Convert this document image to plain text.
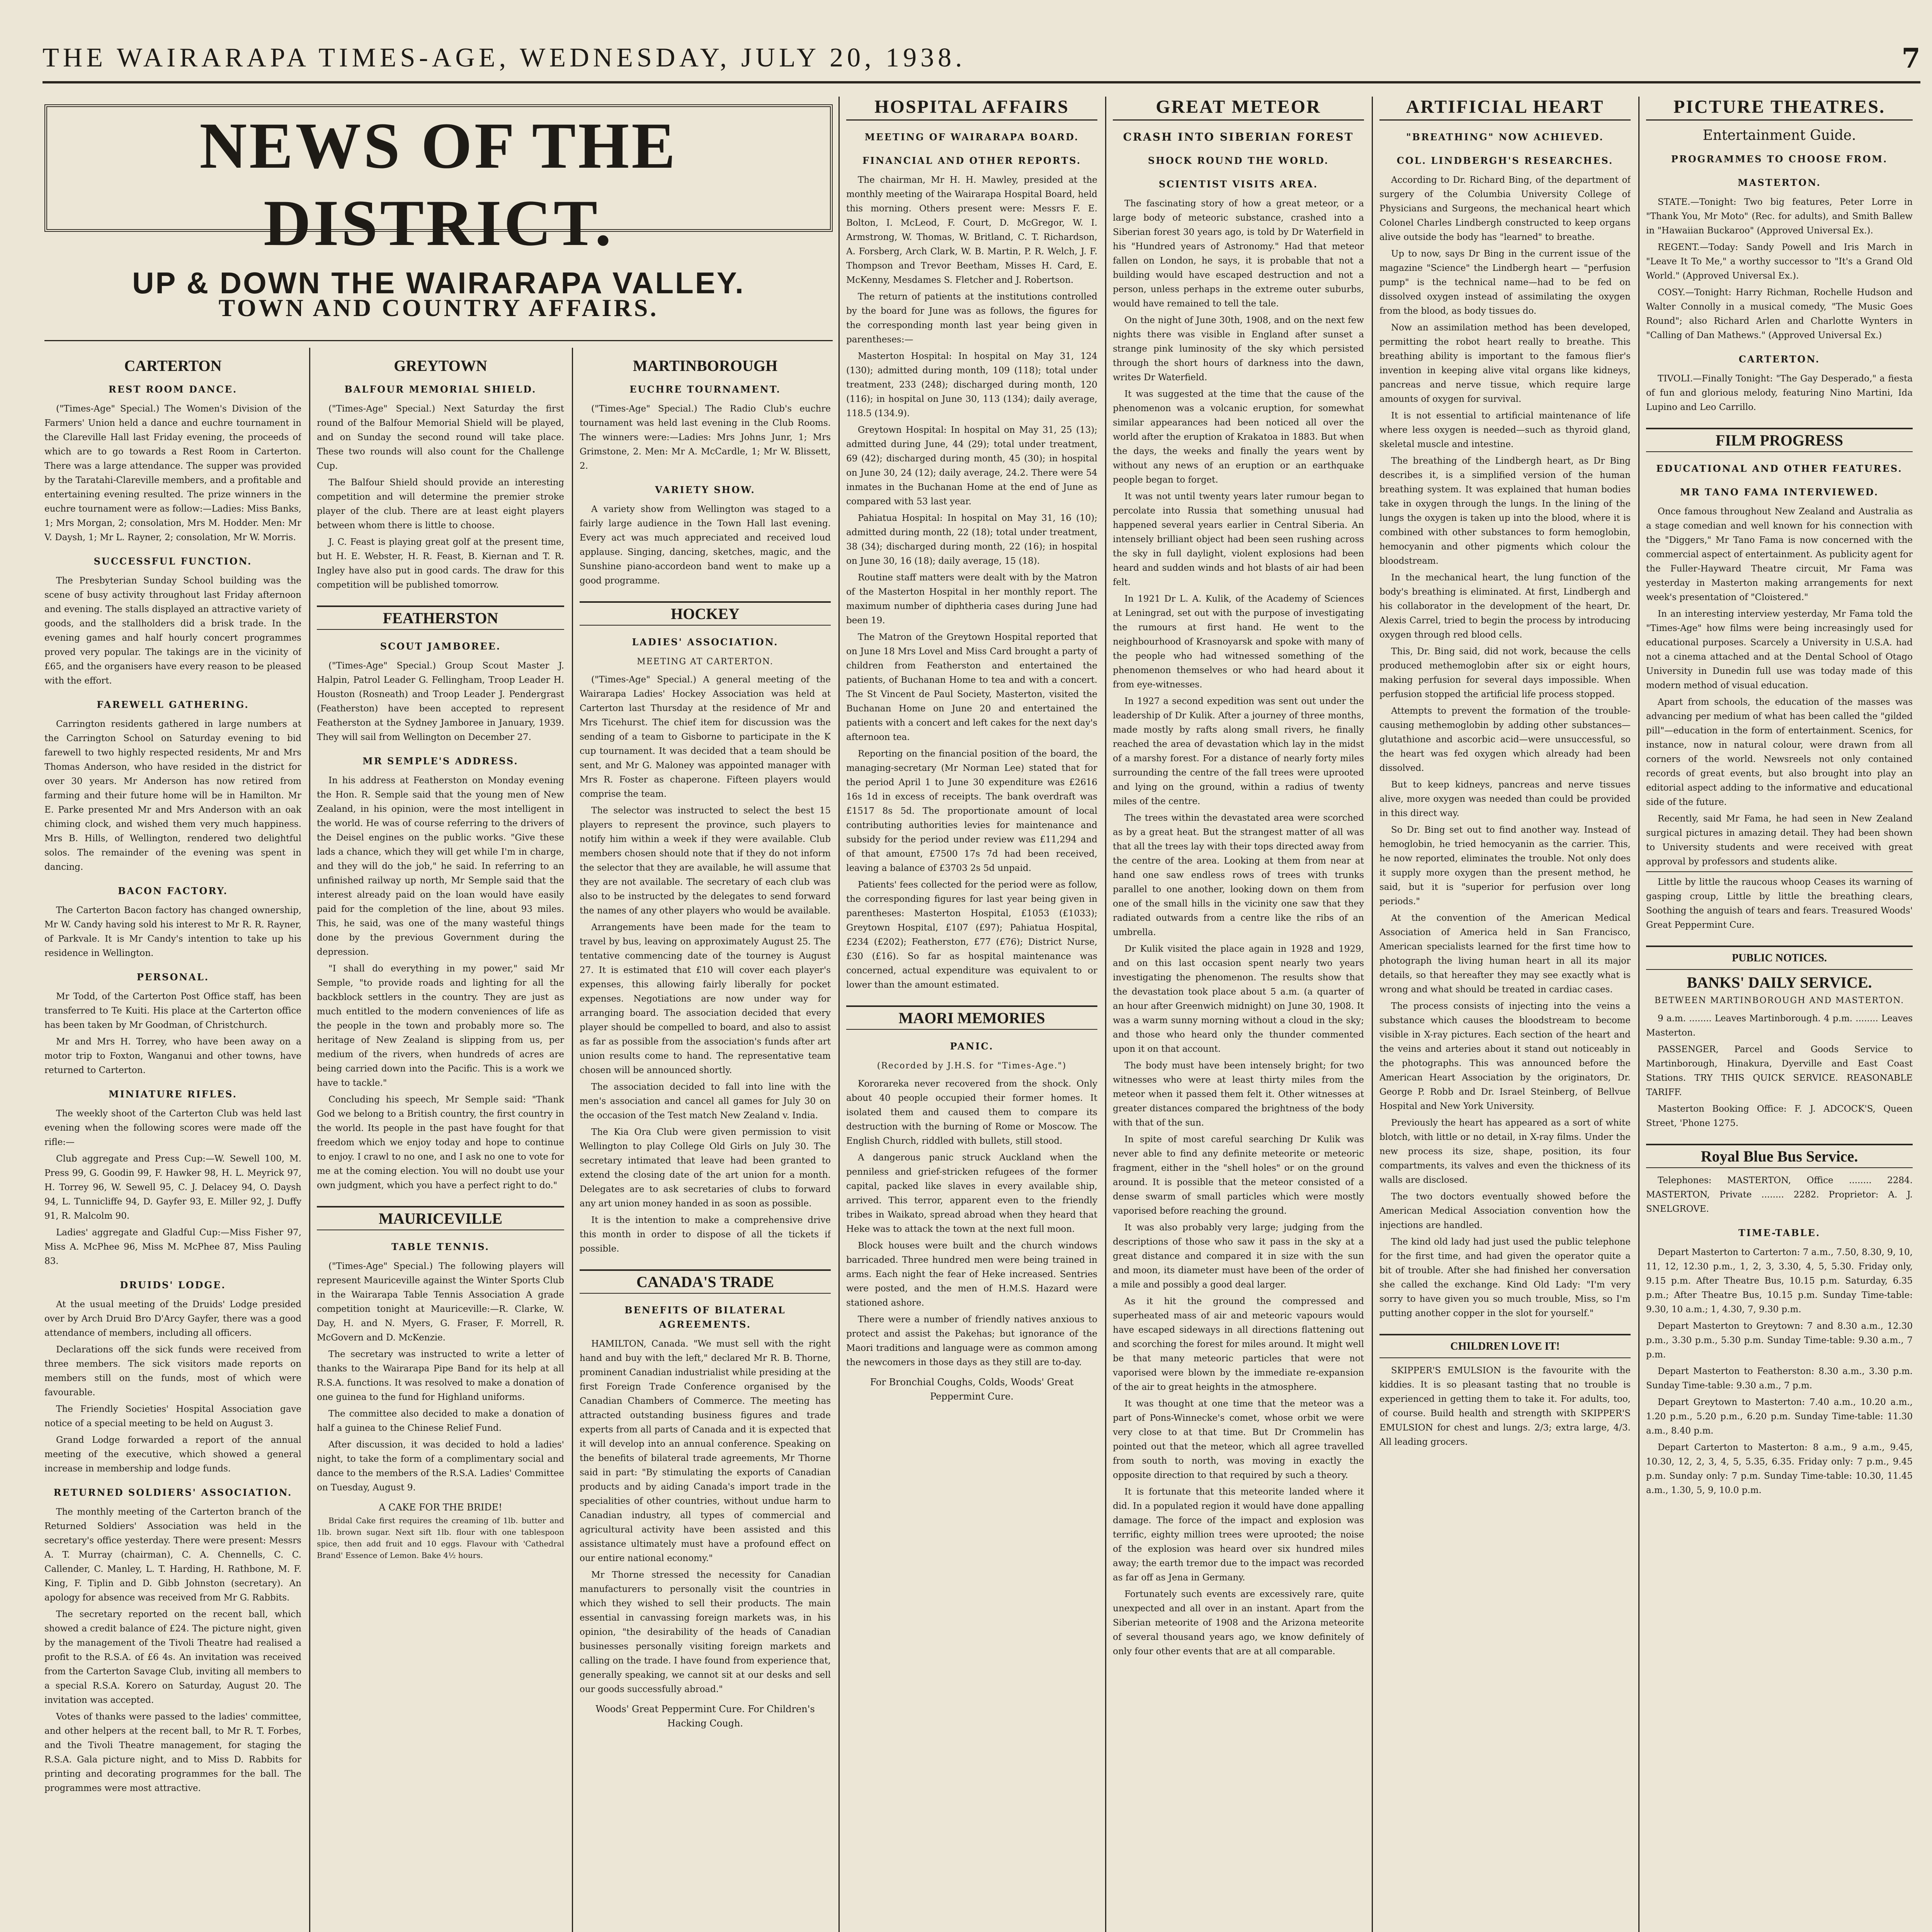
THE WAIRARAPA TIMES-AGE, WEDNESDAY, JULY 20, 1938.	7
NEWS OF THE DISTRICT.
UP & DOWN THE WAIRARAPA VALLEY.
TOWN AND COUNTRY AFFAIRS.
CARTERTON
REST ROOM DANCE.

("Times-Age" Special.) The Women's Division of the Farmers' Union held a dance and euchre tournament in the Clareville Hall last Friday evening, the proceeds of which are to go towards a Rest Room in Carterton. There was a large attendance. The supper was provided by the Taratahi-Clareville members, and a profitable and entertaining evening resulted. The prize winners in the euchre tournament were as follow:—Ladies: Miss Banks, 1; Mrs Morgan, 2; consolation, Mrs M. Hodder. Men: Mr V. Daysh, 1; Mr L. Rayner, 2; consolation, Mr W. Morris.

SUCCESSFUL FUNCTION.

The Presbyterian Sunday School building was the scene of busy activity throughout last Friday afternoon and evening. The stalls displayed an attractive variety of goods, and the stallholders did a brisk trade. In the evening games and half hourly concert programmes proved very popular. The takings are in the vicinity of £65, and the organisers have every reason to be pleased with the effort.

FAREWELL GATHERING.

Carrington residents gathered in large numbers at the Carrington School on Saturday evening to bid farewell to two highly respected residents, Mr and Mrs Thomas Anderson, who have resided in the district for over 30 years. Mr Anderson has now retired from farming and their future home will be in Hamilton. Mr E. Parke presented Mr and Mrs Anderson with an oak chiming clock, and wished them very much happiness. Mrs B. Hills, of Wellington, rendered two delightful solos. The remainder of the evening was spent in dancing.

BACON FACTORY.

The Carterton Bacon factory has changed ownership, Mr W. Candy having sold his interest to Mr R. R. Rayner, of Parkvale. It is Mr Candy's intention to take up his residence in Wellington.

PERSONAL.

Mr Todd, of the Carterton Post Office staff, has been transferred to Te Kuiti. His place at the Carterton office has been taken by Mr Goodman, of Christchurch.

Mr and Mrs H. Torrey, who have been away on a motor trip to Foxton, Wanganui and other towns, have returned to Carterton.

MINIATURE RIFLES.

The weekly shoot of the Carterton Club was held last evening when the following scores were made off the rifle:—

Club aggregate and Press Cup:—W. Sewell 100, M. Press 99, G. Goodin 99, F. Hawker 98, H. L. Meyrick 97, H. Torrey 96, W. Sewell 95, C. J. Delacey 94, O. Daysh 94, L. Tunnicliffe 94, D. Gayfer 93, E. Miller 92, J. Duffy 91, R. Malcolm 90.

Ladies' aggregate and Gladful Cup:—Miss Fisher 97, Miss A. McPhee 96, Miss M. McPhee 87, Miss Pauling 83.

DRUIDS' LODGE.

At the usual meeting of the Druids' Lodge presided over by Arch Druid Bro D'Arcy Gayfer, there was a good attendance of members, including all officers.

Declarations off the sick funds were received from three members. The sick visitors made reports on members still on the funds, most of which were favourable.

The Friendly Societies' Hospital Association gave notice of a special meeting to be held on August 3.

Grand Lodge forwarded a report of the annual meeting of the executive, which showed a general increase in membership and lodge funds.

RETURNED SOLDIERS' ASSOCIATION.

The monthly meeting of the Carterton branch of the Returned Soldiers' Association was held in the secretary's office yesterday. There were present: Messrs A. T. Murray (chairman), C. A. Chennells, C. C. Callender, C. Manley, L. T. Harding, H. Rathbone, M. F. King, F. Tiplin and D. Gibb Johnston (secretary). An apology for absence was received from Mr G. Rabbits.

The secretary reported on the recent ball, which showed a credit balance of £24. The picture night, given by the management of the Tivoli Theatre had realised a profit to the R.S.A. of £6 4s. An invitation was received from the Carterton Savage Club, inviting all members to a special R.S.A. Korero on Saturday, August 20. The invitation was accepted.

Votes of thanks were passed to the ladies' committee, and other helpers at the recent ball, to Mr R. T. Forbes, and the Tivoli Theatre management, for staging the R.S.A. Gala picture night, and to Miss D. Rabbits for printing and decorating programmes for the ball. The programmes were most attractive.

GREYTOWN
BALFOUR MEMORIAL SHIELD.

("Times-Age" Special.) Next Saturday the first round of the Balfour Memorial Shield will be played, and on Sunday the second round will take place. These two rounds will also count for the Challenge Cup.

The Balfour Shield should provide an interesting competition and will determine the premier stroke player of the club. There are at least eight players between whom there is little to choose.

J. C. Feast is playing great golf at the present time, but H. E. Webster, H. R. Feast, B. Kiernan and T. R. Ingley have also put in good cards. The draw for this competition will be published tomorrow.

FEATHERSTON
SCOUT JAMBOREE.

("Times-Age" Special.) Group Scout Master J. Halpin, Patrol Leader G. Fellingham, Troop Leader H. Houston (Rosneath) and Troop Leader J. Pendergrast (Featherston) have been accepted to represent Featherston at the Sydney Jamboree in January, 1939. They will sail from Wellington on December 27.

MR SEMPLE'S ADDRESS.

In his address at Featherston on Monday evening the Hon. R. Semple said that the young men of New Zealand, in his opinion, were the most intelligent in the world. He was of course referring to the drivers of the Deisel engines on the public works. "Give these lads a chance, which they will get while I'm in charge, and they will do the job," he said. In referring to an unfinished railway up north, Mr Semple said that the interest already paid on the loan would have easily paid for the completion of the line, about 93 miles. This, he said, was one of the many wasteful things done by the previous Government during the depression.

"I shall do everything in my power," said Mr Semple, "to provide roads and lighting for all the backblock settlers in the country. They are just as much entitled to the modern conveniences of life as the people in the town and probably more so. The heritage of New Zealand is slipping from us, per medium of the rivers, when hundreds of acres are being carried down into the Pacific. This is a work we have to tackle."

Concluding his speech, Mr Semple said: "Thank God we belong to a British country, the first country in the world. Its people in the past have fought for that freedom which we enjoy today and hope to continue to enjoy. I crawl to no one, and I ask no one to vote for me at the coming election. You will no doubt use your own judgment, which you have a perfect right to do."

MAURICEVILLE
TABLE TENNIS.

("Times-Age" Special.) The following players will represent Mauriceville against the Winter Sports Club in the Wairarapa Table Tennis Association A grade competition tonight at Mauriceville:—R. Clarke, W. Day, H. and N. Myers, G. Fraser, F. Morrell, R. McGovern and D. McKenzie.

The secretary was instructed to write a letter of thanks to the Wairarapa Pipe Band for its help at all R.S.A. functions. It was resolved to make a donation of one guinea to the fund for Highland uniforms.

The committee also decided to make a donation of half a guinea to the Chinese Relief Fund.

After discussion, it was decided to hold a ladies' night, to take the form of a complimentary social and dance to the members of the R.S.A. Ladies' Committee on Tuesday, August 9.

A CAKE FOR THE BRIDE!

Bridal Cake first requires the creaming of 1lb. butter and 1lb. brown sugar. Next sift 1lb. flour with one tablespoon spice, then add fruit and 10 eggs. Flavour with 'Cathedral Brand' Essence of Lemon. Bake 4½ hours.

MARTINBOROUGH
EUCHRE TOURNAMENT.

("Times-Age" Special.) The Radio Club's euchre tournament was held last evening in the Club Rooms. The winners were:—Ladies: Mrs Johns Junr, 1; Mrs Grimstone, 2. Men: Mr A. McCardle, 1; Mr W. Blissett, 2.

VARIETY SHOW.

A variety show from Wellington was staged to a fairly large audience in the Town Hall last evening. Every act was much appreciated and received loud applause. Singing, dancing, sketches, magic, and the Sunshine piano-accordeon band went to make up a good programme.

HOCKEY
LADIES' ASSOCIATION.
MEETING AT CARTERTON.

("Times-Age" Special.) A general meeting of the Wairarapa Ladies' Hockey Association was held at Carterton last Thursday at the residence of Mr and Mrs Ticehurst. The chief item for discussion was the sending of a team to Gisborne to participate in the K cup tournament. It was decided that a team should be sent, and Mr G. Maloney was appointed manager with Mrs R. Foster as chaperone. Fifteen players would comprise the team.

The selector was instructed to select the best 15 players to represent the province, such players to notify him within a week if they were available. Club members chosen should note that if they do not inform the selector that they are available, he will assume that they are not available. The secretary of each club was also to be instructed by the delegates to send forward the names of any other players who would be available.

Arrangements have been made for the team to travel by bus, leaving on approximately August 25. The tentative commencing date of the tourney is August 27. It is estimated that £10 will cover each player's expenses, this allowing fairly liberally for pocket expenses. Negotiations are now under way for arranging board. The association decided that every player should be compelled to board, and also to assist as far as possible from the association's funds after art union results come to hand. The representative team chosen will be announced shortly.

The association decided to fall into line with the men's association and cancel all games for July 30 on the occasion of the Test match New Zealand v. India.

The Kia Ora Club were given permission to visit Wellington to play College Old Girls on July 30. The secretary intimated that leave had been granted to extend the closing date of the art union for a month. Delegates are to ask secretaries of clubs to forward any art union money handed in as soon as possible.

It is the intention to make a comprehensive drive this month in order to dispose of all the tickets if possible.

CANADA'S TRADE
BENEFITS OF BILATERAL AGREEMENTS.

HAMILTON, Canada. "We must sell with the right hand and buy with the left," declared Mr R. B. Thorne, prominent Canadian industrialist while presiding at the first Foreign Trade Conference organised by the Canadian Chambers of Commerce. The meeting has attracted outstanding business figures and trade experts from all parts of Canada and it is expected that it will develop into an annual conference. Speaking on the benefits of bilateral trade agreements, Mr Thorne said in part: "By stimulating the exports of Canadian products and by aiding Canada's import trade in the specialities of other countries, without undue harm to Canadian industry, all types of commercial and agricultural activity have been assisted and this assistance ultimately must have a profound effect on our entire national economy."

Mr Thorne stressed the necessity for Canadian manufacturers to personally visit the countries in which they wished to sell their products. The main essential in canvassing foreign markets was, in his opinion, "the desirability of the heads of Canadian businesses personally visiting foreign markets and calling on the trade. I have found from experience that, generally speaking, we cannot sit at our desks and sell our goods successfully abroad."

Woods' Great Peppermint Cure. For Children's Hacking Cough.
HOSPITAL AFFAIRS
MEETING OF WAIRARAPA BOARD.
FINANCIAL AND OTHER REPORTS.

The chairman, Mr H. H. Mawley, presided at the monthly meeting of the Wairarapa Hospital Board, held this morning. Others present were: Messrs F. E. Bolton, I. McLeod, F. Court, D. McGregor, W. I. Armstrong, W. Thomas, W. Britland, C. T. Richardson, A. Forsberg, Arch Clark, W. B. Martin, P. R. Welch, J. F. Thompson and Trevor Beetham, Misses H. Card, E. McKenny, Mesdames S. Fletcher and J. Robertson.

The return of patients at the institutions controlled by the board for June was as follows, the figures for the corresponding month last year being given in parentheses:—

Masterton Hospital: In hospital on May 31, 124 (130); admitted during month, 109 (118); total under treatment, 233 (248); discharged during month, 120 (116); in hospital on June 30, 113 (134); daily average, 118.5 (134.9).

Greytown Hospital: In hospital on May 31, 25 (13); admitted during June, 44 (29); total under treatment, 69 (42); discharged during month, 45 (30); in hospital on June 30, 24 (12); daily average, 24.2. There were 54 inmates in the Buchanan Home at the end of June as compared with 53 last year.

Pahiatua Hospital: In hospital on May 31, 16 (10); admitted during month, 22 (18); total under treatment, 38 (34); discharged during month, 22 (16); in hospital on June 30, 16 (18); daily average, 15 (18).

Routine staff matters were dealt with by the Matron of the Masterton Hospital in her monthly report. The maximum number of diphtheria cases during June had been 19.

The Matron of the Greytown Hospital reported that on June 18 Mrs Lovel and Miss Card brought a party of children from Featherston and entertained the patients, of Buchanan Home to tea and with a concert. The St Vincent de Paul Society, Masterton, visited the Buchanan Home on June 20 and entertained the patients with a concert and left cakes for the next day's afternoon tea.

Reporting on the financial position of the board, the managing-secretary (Mr Norman Lee) stated that for the period April 1 to June 30 expenditure was £2616 16s 1d in excess of receipts. The bank overdraft was £1517 8s 5d. The proportionate amount of local contributing authorities levies for maintenance and subsidy for the period under review was £11,294 and of that amount, £7500 17s 7d had been received, leaving a balance of £3703 2s 5d unpaid.

Patients' fees collected for the period were as follow, the corresponding figures for last year being given in parentheses: Masterton Hospital, £1053 (£1033); Greytown Hospital, £107 (£97); Pahiatua Hospital, £234 (£202); Featherston, £77 (£76); District Nurse, £30 (£16). So far as hospital maintenance was concerned, actual expenditure was equivalent to or lower than the amount estimated.

MAORI MEMORIES
PANIC.
(Recorded by J.H.S. for "Times-Age.")

Kororareka never recovered from the shock. Only about 40 people occupied their former homes. It isolated them and caused them to compare its destruction with the burning of Rome or Moscow. The English Church, riddled with bullets, still stood.

A dangerous panic struck Auckland when the penniless and grief-stricken refugees of the former capital, packed like slaves in every available ship, arrived. This terror, apparent even to the friendly tribes in Waikato, spread abroad when they heard that Heke was to attack the town at the next full moon.

Block houses were built and the church windows barricaded. Three hundred men were being trained in arms. Each night the fear of Heke increased. Sentries were posted, and the men of H.M.S. Hazard were stationed ashore.

There were a number of friendly natives anxious to protect and assist the Pakehas; but ignorance of the Maori traditions and language were as common among the newcomers in those days as they still are to-day.

For Bronchial Coughs, Colds, Woods' Great Peppermint Cure.
GREAT METEOR
CRASH INTO SIBERIAN FOREST
SHOCK ROUND THE WORLD.
SCIENTIST VISITS AREA.

The fascinating story of how a great meteor, or a large body of meteoric substance, crashed into a Siberian forest 30 years ago, is told by Dr Waterfield in his "Hundred years of Astronomy." Had that meteor fallen on London, he says, it is probable that not a building would have escaped destruction and not a person, unless perhaps in the extreme outer suburbs, would have remained to tell the tale.

On the night of June 30th, 1908, and on the next few nights there was visible in England after sunset a strange pink luminosity of the sky which persisted through the short hours of darkness into the dawn, writes Dr Waterfield.

It was suggested at the time that the cause of the phenomenon was a volcanic eruption, for somewhat similar appearances had been noticed all over the world after the eruption of Krakatoa in 1883. But when the days, the weeks and finally the years went by without any news of an eruption or an earthquake people began to forget.

It was not until twenty years later rumour began to percolate into Russia that something unusual had happened several years earlier in Central Siberia. An intensely brilliant object had been seen rushing across the sky in full daylight, violent explosions had been heard and sudden winds and hot blasts of air had been felt.

In 1921 Dr L. A. Kulik, of the Academy of Sciences at Leningrad, set out with the purpose of investigating the rumours at first hand. He went to the neighbourhood of Krasnoyarsk and spoke with many of the people who had witnessed something of the phenomenon themselves or who had heard about it from eye-witnesses.

In 1927 a second expedition was sent out under the leadership of Dr Kulik. After a journey of three months, made mostly by rafts along small rivers, he finally reached the area of devastation which lay in the midst of a marshy forest. For a distance of nearly forty miles surrounding the centre of the fall trees were uprooted and lying on the ground, within a radius of twenty miles of the centre.

The trees within the devastated area were scorched as by a great heat. But the strangest matter of all was that all the trees lay with their tops directed away from the centre of the area. Looking at them from near at hand one saw endless rows of trees with trunks parallel to one another, looking down on them from one of the small hills in the vicinity one saw that they radiated outwards from a centre like the ribs of an umbrella.

Dr Kulik visited the place again in 1928 and 1929, and on this last occasion spent nearly two years investigating the phenomenon. The results show that the devastation took place about 5 a.m. (a quarter of an hour after Greenwich midnight) on June 30, 1908. It was a warm sunny morning without a cloud in the sky; and those who heard only the thunder commented upon it on that account.

The body must have been intensely bright; for two witnesses who were at least thirty miles from the meteor when it passed them felt it. Other witnesses at greater distances compared the brightness of the body with that of the sun.

In spite of most careful searching Dr Kulik was never able to find any definite meteorite or meteoric fragment, either in the "shell holes" or on the ground around. It is possible that the meteor consisted of a dense swarm of small particles which were mostly vaporised before reaching the ground.

It was also probably very large; judging from the descriptions of those who saw it pass in the sky at a great distance and compared it in size with the sun and moon, its diameter must have been of the order of a mile and possibly a good deal larger.

As it hit the ground the compressed and superheated mass of air and meteoric vapours would have escaped sideways in all directions flattening out and scorching the forest for miles around. It might well be that many meteoric particles that were not vaporised were blown by the immediate re-expansion of the air to great heights in the atmosphere.

It was thought at one time that the meteor was a part of Pons-Winnecke's comet, whose orbit we were very close to at that time. But Dr Crommelin has pointed out that the meteor, which all agree travelled from south to north, was moving in exactly the opposite direction to that required by such a theory.

It is fortunate that this meteorite landed where it did. In a populated region it would have done appalling damage. The force of the impact and explosion was terrific, eighty million trees were uprooted; the noise of the explosion was heard over six hundred miles away; the earth tremor due to the impact was recorded as far off as Jena in Germany.

Fortunately such events are excessively rare, quite unexpected and all over in an instant. Apart from the Siberian meteorite of 1908 and the Arizona meteorite of several thousand years ago, we know definitely of only four other events that are at all comparable.

ARTIFICIAL HEART
"BREATHING" NOW ACHIEVED.
COL. LINDBERGH'S RESEARCHES.

According to Dr. Richard Bing, of the department of surgery of the Columbia University College of Physicians and Surgeons, the mechanical heart which Colonel Charles Lindbergh constructed to keep organs alive outside the body has "learned" to breathe.

Up to now, says Dr Bing in the current issue of the magazine "Science" the Lindbergh heart — "perfusion pump" is the technical name—had to be fed on dissolved oxygen instead of assimilating the oxygen from the blood, as body tissues do.

Now an assimilation method has been developed, permitting the robot heart really to breathe. This breathing ability is important to the famous flier's invention in keeping alive vital organs like kidneys, pancreas and nerve tissue, which require large amounts of oxygen for survival.

It is not essential to artificial maintenance of life where less oxygen is needed—such as thyroid gland, skeletal muscle and intestine.

The breathing of the Lindbergh heart, as Dr Bing describes it, is a simplified version of the human breathing system. It was explained that human bodies take in oxygen through the lungs. In the lining of the lungs the oxygen is taken up into the blood, where it is combined with other substances to form hemoglobin, hemocyanin and other pigments which colour the bloodstream.

In the mechanical heart, the lung function of the body's breathing is eliminated. At first, Lindbergh and his collaborator in the development of the heart, Dr. Alexis Carrel, tried to begin the process by introducing oxygen through red blood cells.

This, Dr. Bing said, did not work, because the cells produced methemoglobin after six or eight hours, making perfusion for several days impossible. When perfusion stopped the artificial life process stopped.

Attempts to prevent the formation of the trouble-causing methemoglobin by adding other substances—glutathione and ascorbic acid—were unsuccessful, so the heart was fed oxygen which already had been dissolved.

But to keep kidneys, pancreas and nerve tissues alive, more oxygen was needed than could be provided in this direct way.

So Dr. Bing set out to find another way. Instead of hemoglobin, he tried hemocyanin as the carrier. This, he now reported, eliminates the trouble. Not only does it supply more oxygen than the present method, he said, but it is "superior for perfusion over long periods."

At the convention of the American Medical Association of America held in San Francisco, American specialists learned for the first time how to photograph the living human heart in all its major details, so that hereafter they may see exactly what is wrong and what should be treated in cardiac cases.

The process consists of injecting into the veins a substance which causes the bloodstream to become visible in X-ray pictures. Each section of the heart and the veins and arteries about it stand out noticeably in the photographs. This was announced before the American Heart Association by the originators, Dr. George P. Robb and Dr. Israel Steinberg, of Bellvue Hospital and New York University.

Previously the heart has appeared as a sort of white blotch, with little or no detail, in X-ray films. Under the new process its size, shape, position, its four compartments, its valves and even the thickness of its walls are disclosed.

The two doctors eventually showed before the American Medical Association convention how the injections are handled.

The kind old lady had just used the public telephone for the first time, and had given the operator quite a bit of trouble. After she had finished her conversation she called the exchange. Kind Old Lady: "I'm very sorry to have given you so much trouble, Miss, so I'm putting another copper in the slot for yourself."

CHILDREN LOVE IT!

SKIPPER'S EMULSION is the favourite with the kiddies. It is so pleasant tasting that no trouble is experienced in getting them to take it. For adults, too, of course. Build health and strength with SKIPPER'S EMULSION for chest and lungs. 2/3; extra large, 4/3. All leading grocers.

PICTURE THEATRES.
Entertainment Guide.
PROGRAMMES TO CHOOSE FROM.
MASTERTON.

STATE.—Tonight: Two big features, Peter Lorre in "Thank You, Mr Moto" (Rec. for adults), and Smith Ballew in "Hawaiian Buckaroo" (Approved Universal Ex.).

REGENT.—Today: Sandy Powell and Iris March in "Leave It To Me," a worthy successor to "It's a Grand Old World." (Approved Universal Ex.).

COSY.—Tonight: Harry Richman, Rochelle Hudson and Walter Connolly in a musical comedy, "The Music Goes Round"; also Richard Arlen and Charlotte Wynters in "Calling of Dan Mathews." (Approved Universal Ex.)

CARTERTON.

TIVOLI.—Finally Tonight: "The Gay Desperado," a fiesta of fun and glorious melody, featuring Nino Martini, Ida Lupino and Leo Carrillo.

FILM PROGRESS
EDUCATIONAL AND OTHER FEATURES.
MR TANO FAMA INTERVIEWED.

Once famous throughout New Zealand and Australia as a stage comedian and well known for his connection with the "Diggers," Mr Tano Fama is now concerned with the commercial aspect of entertainment. As publicity agent for the Fuller-Hayward Theatre circuit, Mr Fama was yesterday in Masterton making arrangements for next week's presentation of "Cloistered."

In an interesting interview yesterday, Mr Fama told the "Times-Age" how films were being increasingly used for educational purposes. Scarcely a University in U.S.A. had not a cinema attached and at the Dental School of Otago University in Dunedin full use was today made of this modern method of visual education.

Apart from schools, the education of the masses was advancing per medium of what has been called the "gilded pill"—education in the form of entertainment. Scenics, for instance, now in natural colour, were drawn from all corners of the world. Newsreels not only contained records of great events, but also brought into play an editorial aspect adding to the informative and educational side of the future.

Recently, said Mr Fama, he had seen in New Zealand surgical pictures in amazing detail. They had been shown to University students and were received with great approval by professors and students alike.

Little by little the raucous whoop Ceases its warning of gasping croup, Little by little the breathing clears, Soothing the anguish of tears and fears. Treasured Woods' Great Peppermint Cure.

PUBLIC NOTICES.
BANKS' DAILY SERVICE.
BETWEEN MARTINBOROUGH AND MASTERTON.

9 a.m. ........ Leaves Martinborough. 4 p.m. ........ Leaves Masterton.

PASSENGER, Parcel and Goods Service to Martinborough, Hinakura, Dyerville and East Coast Stations. TRY THIS QUICK SERVICE. REASONABLE TARIFF.

Masterton Booking Office: F. J. ADCOCK'S, Queen Street, 'Phone 1275.

Royal Blue Bus Service.

Telephones: MASTERTON, Office ........ 2284. MASTERTON, Private ........ 2282. Proprietor: A. J. SNELGROVE.

TIME-TABLE.

Depart Masterton to Carterton: 7 a.m., 7.50, 8.30, 9, 10, 11, 12, 12.30 p.m., 1, 2, 3, 3.30, 4, 5, 5.30. Friday only, 9.15 p.m. After Theatre Bus, 10.15 p.m. Saturday, 6.35 p.m.; After Theatre Bus, 10.15 p.m. Sunday Time-table: 9.30, 10 a.m.; 1, 4.30, 7, 9.30 p.m.

Depart Masterton to Greytown: 7 and 8.30 a.m., 12.30 p.m., 3.30 p.m., 5.30 p.m. Sunday Time-table: 9.30 a.m., 7 p.m.

Depart Masterton to Featherston: 8.30 a.m., 3.30 p.m. Sunday Time-table: 9.30 a.m., 7 p.m.

Depart Greytown to Masterton: 7.40 a.m., 10.20 a.m., 1.20 p.m., 5.20 p.m., 6.20 p.m. Sunday Time-table: 11.30 a.m., 8.40 p.m.

Depart Carterton to Masterton: 8 a.m., 9 a.m., 9.45, 10.30, 12, 2, 3, 4, 5, 5.35, 6.35. Friday only: 7 p.m., 9.45 p.m. Sunday only: 7 p.m. Sunday Time-table: 10.30, 11.45 a.m., 1.30, 5, 9, 10.0 p.m.
